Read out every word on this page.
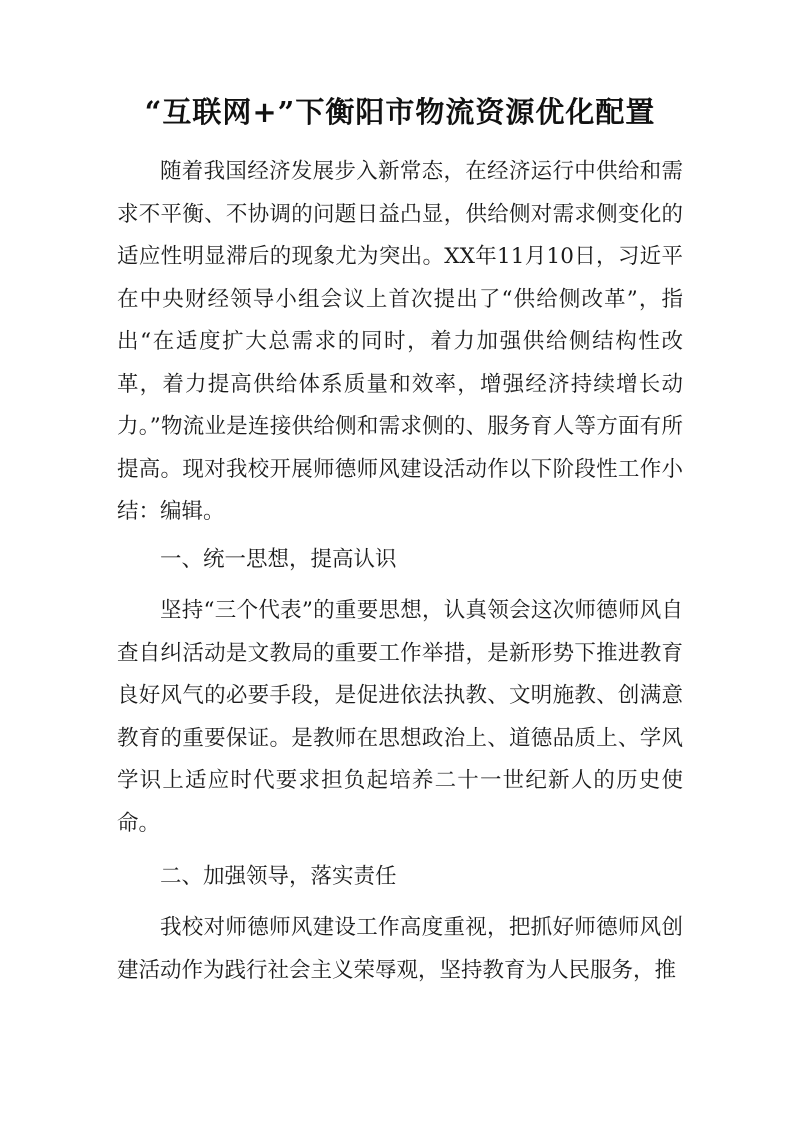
“互联网+”下衡阳市物流资源优化配置

随着我国经济发展步入新常态，在经济运行中供给和需求不平衡、不协调的问题日益凸显，供给侧对需求侧变化的适应性明显滞后的现象尤为突出。XX年11月10日，习近平在中央财经领导小组会议上首次提出了“供给侧改革”，指出“在适度扩大总需求的同时，着力加强供给侧结构性改革，着力提高供给体系质量和效率，增强经济持续增长动力。”物流业是连接供给侧和需求侧的、服务育人等方面有所提高。现对我校开展师德师风建设活动作以下阶段性工作小结：编辑。

一、统一思想，提高认识

坚持“三个代表”的重要思想，认真领会这次师德师风自查自纠活动是文教局的重要工作举措，是新形势下推进教育良好风气的必要手段，是促进依法执教、文明施教、创满意教育的重要保证。是教师在思想政治上、道德品质上、学风学识上适应时代要求担负起培养二十一世纪新人的历史使命。

二、加强领导，落实责任

我校对师德师风建设工作高度重视，把抓好师德师风创建活动作为践行社会主义荣辱观，坚持教育为人民服务，推
